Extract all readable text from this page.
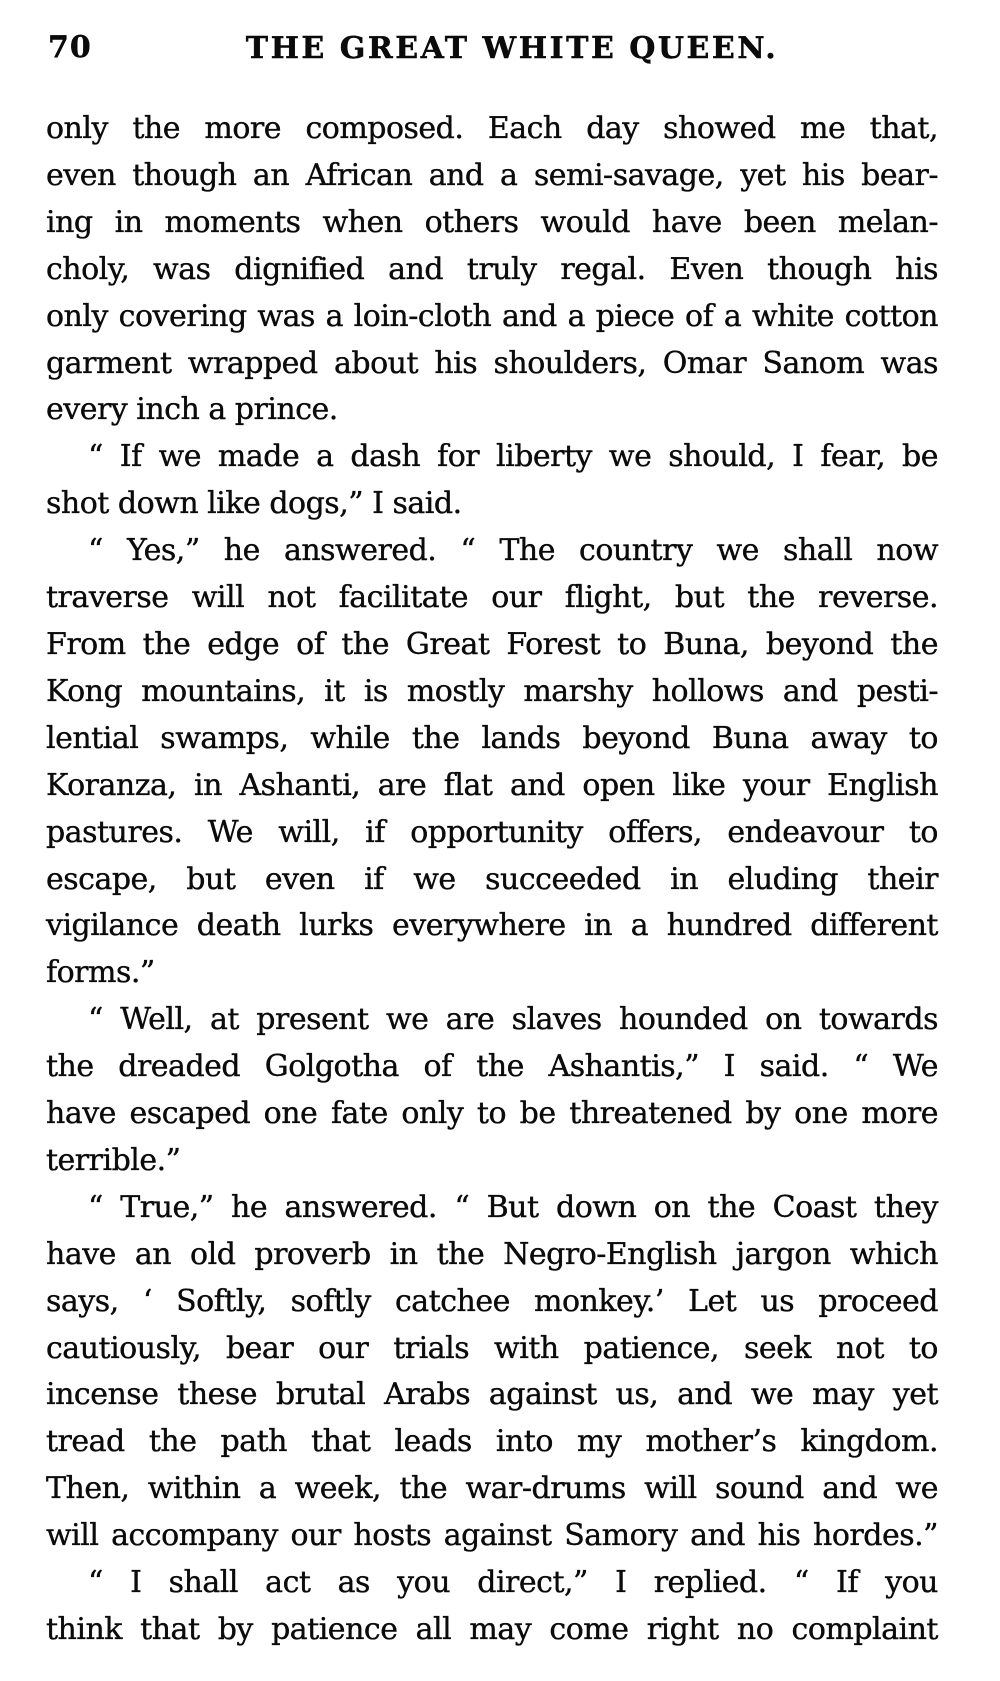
70	THE GREAT WHITE QUEEN.
only the more composed. Each day showed me that,
even though an African and a semi-savage, yet his bear-
ing in moments when others would have been melan-
choly, was dignified and truly regal. Even though his
only covering was a loin-cloth and a piece of a white cotton
garment wrapped about his shoulders, Omar Sanom was
every inch a prince.
“ If we made a dash for liberty we should, I fear, be
shot down like dogs,” I said.
“ Yes,” he answered. “ The country we shall now
traverse will not facilitate our flight, but the reverse.
From the edge of the Great Forest to Buna, beyond the
Kong mountains, it is mostly marshy hollows and pesti-
lential swamps, while the lands beyond Buna away to
Koranza, in Ashanti, are flat and open like your English
pastures. We will, if opportunity offers, endeavour to
escape, but even if we succeeded in eluding their
vigilance death lurks everywhere in a hundred different
forms.”
“ Well, at present we are slaves hounded on towards
the dreaded Golgotha of the Ashantis,” I said. “ We
have escaped one fate only to be threatened by one more
terrible.”
“ True,” he answered. “ But down on the Coast they
have an old proverb in the Negro-English jargon which
says, ‘ Softly, softly catchee monkey.’ Let us proceed
cautiously, bear our trials with patience, seek not to
incense these brutal Arabs against us, and we may yet
tread the path that leads into my mother’s kingdom.
Then, within a week, the war-drums will sound and we
will accompany our hosts against Samory and his hordes.”
“ I shall act as you direct,” I replied. “ If you
think that by patience all may come right no complaint
